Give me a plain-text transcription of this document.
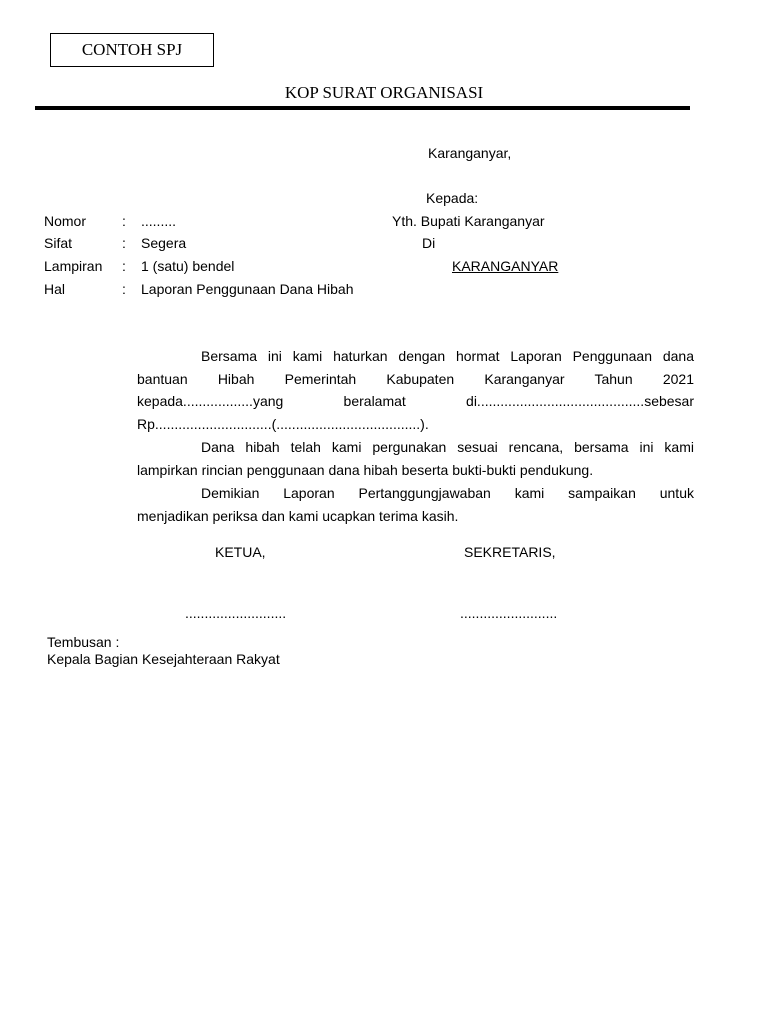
CONTOH SPJ
KOP SURAT ORGANISASI
Karanganyar,
Kepada:
Yth. Bupati Karanganyar
Di
KARANGANYAR
Nomor	: .........
Sifat	: Segera
Lampiran : 1 (satu) bendel
Hal	: Laporan Penggunaan Dana Hibah
Bersama ini kami haturkan dengan hormat Laporan Penggunaan dana
bantuan Hibah Pemerintah Kabupaten Karanganyar Tahun 2021
kepada..................yang beralamat di...........................................sebesar
Rp..............................(.....................................).
Dana hibah telah kami pergunakan sesuai rencana, bersama ini kami
lampirkan rincian penggunaan dana hibah beserta bukti-bukti pendukung.
Demikian Laporan Pertanggungjawaban kami sampaikan untuk
menjadikan periksa dan kami ucapkan terima kasih.
KETUA,	SEKRETARIS,
..........................	.........................
Tembusan :
Kepala Bagian Kesejahteraan Rakyat
